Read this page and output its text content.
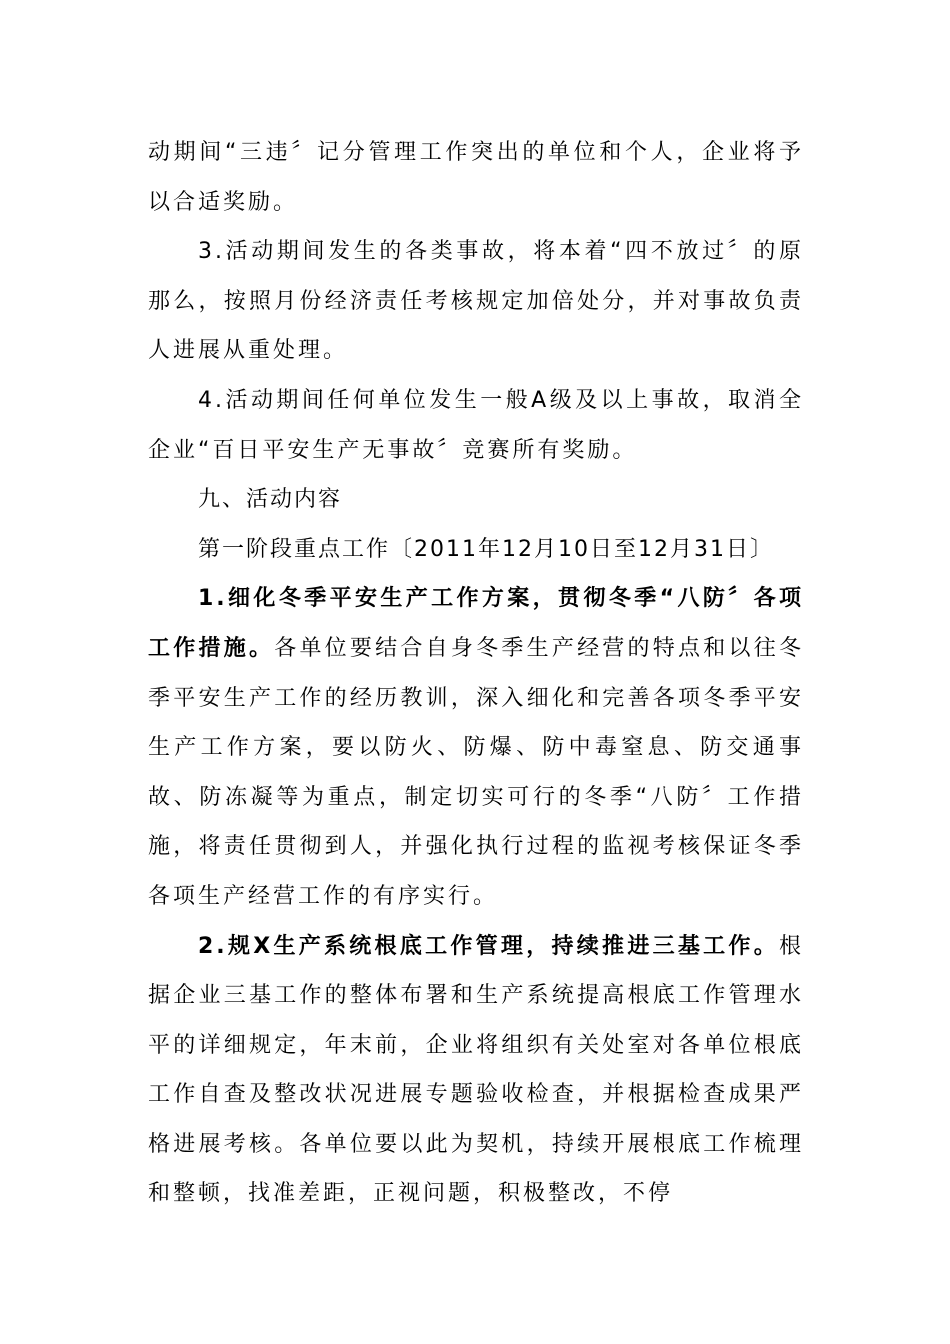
动期间“三违〞记分管理工作突出的单位和个人，企业将予以合适奖励。

3.活动期间发生的各类事故，将本着“四不放过〞的原那么，按照月份经济责任考核规定加倍处分，并对事故负责人进展从重处理。

4.活动期间任何单位发生一般A级及以上事故，取消全企业“百日平安生产无事故〞竞赛所有奖励。

九、活动内容

第一阶段重点工作〔2011年12月10日至12月31日〕

1.细化冬季平安生产工作方案，贯彻冬季“八防〞各项工作措施。各单位要结合自身冬季生产经营的特点和以往冬季平安生产工作的经历教训，深入细化和完善各项冬季平安生产工作方案，要以防火、防爆、防中毒窒息、防交通事故、防冻凝等为重点，制定切实可行的冬季“八防〞工作措施，将责任贯彻到人，并强化执行过程的监视考核保证冬季各项生产经营工作的有序实行。

2.规X生产系统根底工作管理，持续推进三基工作。根据企业三基工作的整体布署和生产系统提高根底工作管理水平的详细规定，年末前，企业将组织有关处室对各单位根底工作自查及整改状况进展专题验收检查，并根据检查成果严格进展考核。各单位要以此为契机，持续开展根底工作梳理和整顿，找准差距，正视问题，积极整改，不停
